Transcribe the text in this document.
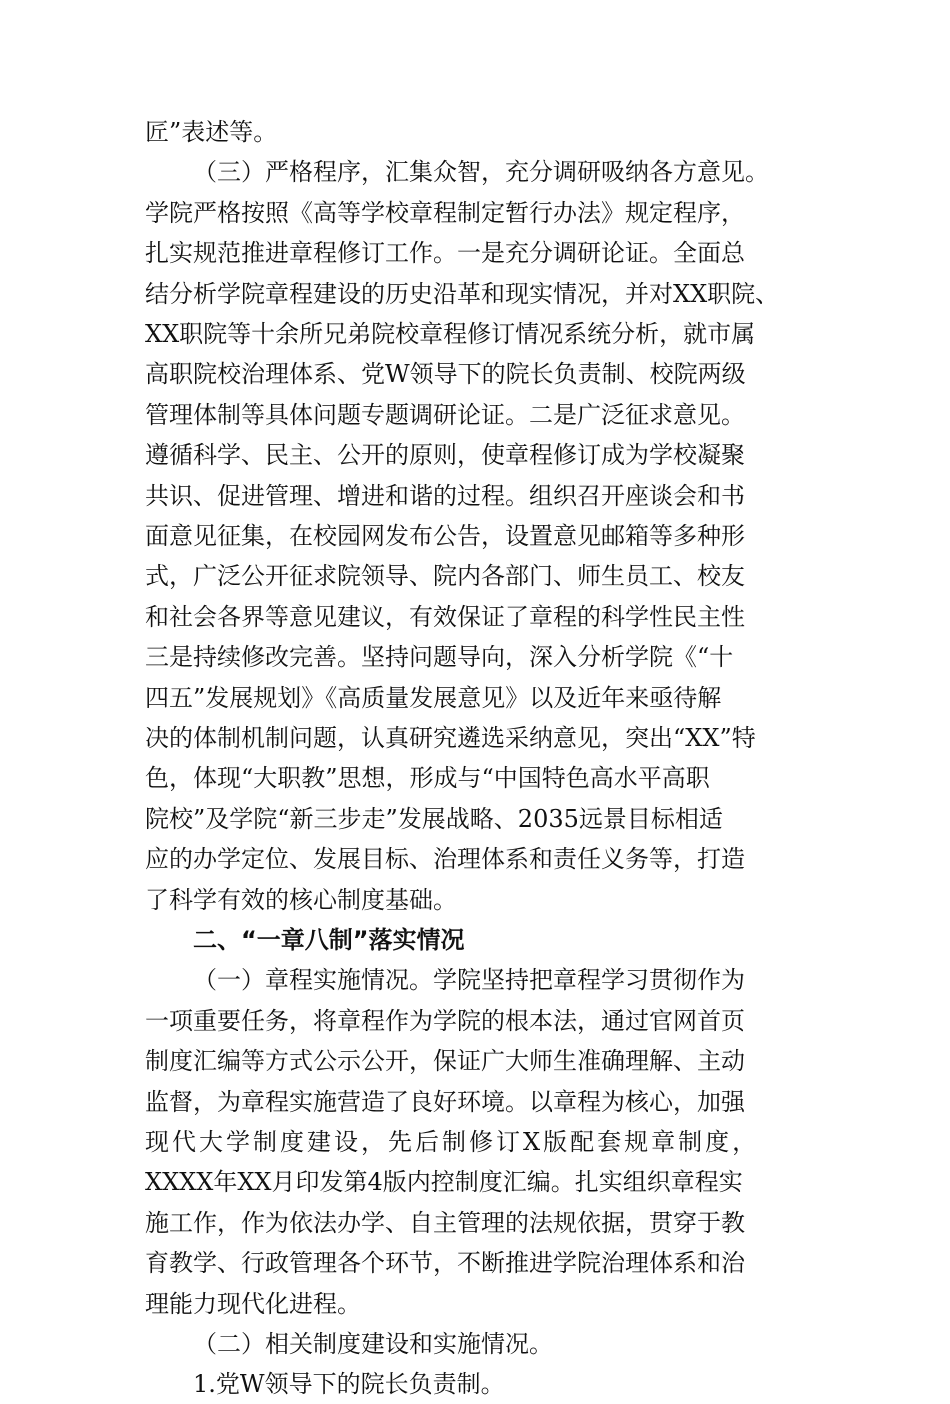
匠”表述等。
（三）严格程序，汇集众智，充分调研吸纳各方意见。
学院严格按照《高等学校章程制定暂行办法》规定程序，
扎实规范推进章程修订工作。一是充分调研论证。全面总
结分析学院章程建设的历史沿革和现实情况，并对XX职院、
XX职院等十余所兄弟院校章程修订情况系统分析，就市属
高职院校治理体系、党W领导下的院长负责制、校院两级
管理体制等具体问题专题调研论证。二是广泛征求意见。
遵循科学、民主、公开的原则，使章程修订成为学校凝聚
共识、促进管理、增进和谐的过程。组织召开座谈会和书
面意见征集，在校园网发布公告，设置意见邮箱等多种形
式，广泛公开征求院领导、院内各部门、师生员工、校友
和社会各界等意见建议，有效保证了章程的科学性民主性
三是持续修改完善。坚持问题导向，深入分析学院《“十
四五”发展规划》《高质量发展意见》以及近年来亟待解
决的体制机制问题，认真研究遴选采纳意见，突出“XX”特
色，体现“大职教”思想，形成与“中国特色高水平高职
院校”及学院“新三步走”发展战略、2035远景目标相适
应的办学定位、发展目标、治理体系和责任义务等，打造
了科学有效的核心制度基础。
二、“一章八制”落实情况
（一）章程实施情况。学院坚持把章程学习贯彻作为
一项重要任务，将章程作为学院的根本法，通过官网首页
制度汇编等方式公示公开，保证广大师生准确理解、主动
监督，为章程实施营造了良好环境。以章程为核心，加强
现代大学制度建设，先后制修订X版配套规章制度，
XXXX年XX月印发第4版内控制度汇编。扎实组织章程实
施工作，作为依法办学、自主管理的法规依据，贯穿于教
育教学、行政管理各个环节，不断推进学院治理体系和治
理能力现代化进程。
（二）相关制度建设和实施情况。
1.党W领导下的院长负责制。
